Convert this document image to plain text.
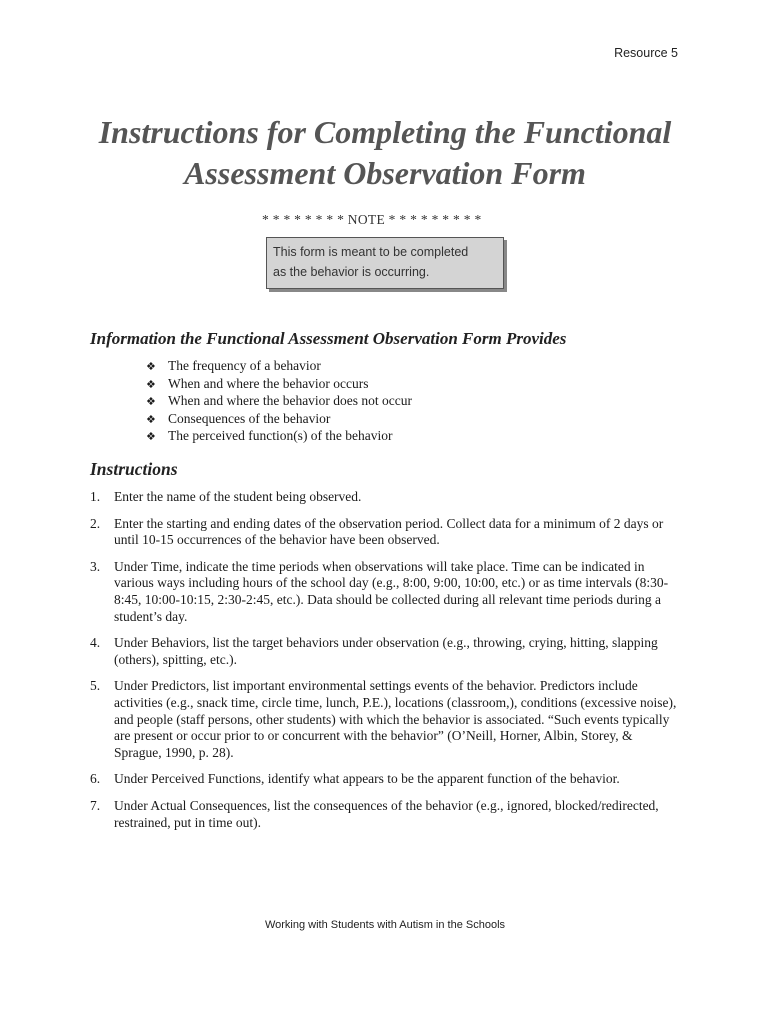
Resource 5
Instructions for Completing the Functional
Assessment Observation Form
* * * * * * * * NOTE * * * * * * * * *
This form is meant to be completed
as the behavior is occurring.
Information the Functional Assessment Observation Form Provides
❖ The frequency of a behavior
❖ When and where the behavior occurs
❖ When and where the behavior does not occur
❖ Consequences of the behavior
❖ The perceived function(s) of the behavior
Instructions
1.	Enter the name of the student being observed.
2.	Enter the starting and ending dates of the observation period. Collect data for a minimum of 2 days or until 10-15 occurrences of the behavior have been observed.
3.	Under Time, indicate the time periods when observations will take place. Time can be indicated in various ways including hours of the school day (e.g., 8:00, 9:00, 10:00, etc.) or as time intervals (8:30-8:45, 10:00-10:15, 2:30-2:45, etc.). Data should be collected during all relevant time periods during a student’s day.
4.	Under Behaviors, list the target behaviors under observation (e.g., throwing, crying, hitting, slapping (others), spitting, etc.).
5.	Under Predictors, list important environmental settings events of the behavior. Predictors include activities (e.g., snack time, circle time, lunch, P.E.), locations (classroom,), conditions (excessive noise), and people (staff persons, other students) with which the behavior is associated. “Such events typically are present or occur prior to or concurrent with the behavior” (O’Neill, Horner, Albin, Storey, & Sprague, 1990, p. 28).
6.	Under Perceived Functions, identify what appears to be the apparent function of the behavior.
7.	Under Actual Consequences, list the consequences of the behavior (e.g., ignored, blocked/redirected, restrained, put in time out).
Working with Students with Autism in the Schools
